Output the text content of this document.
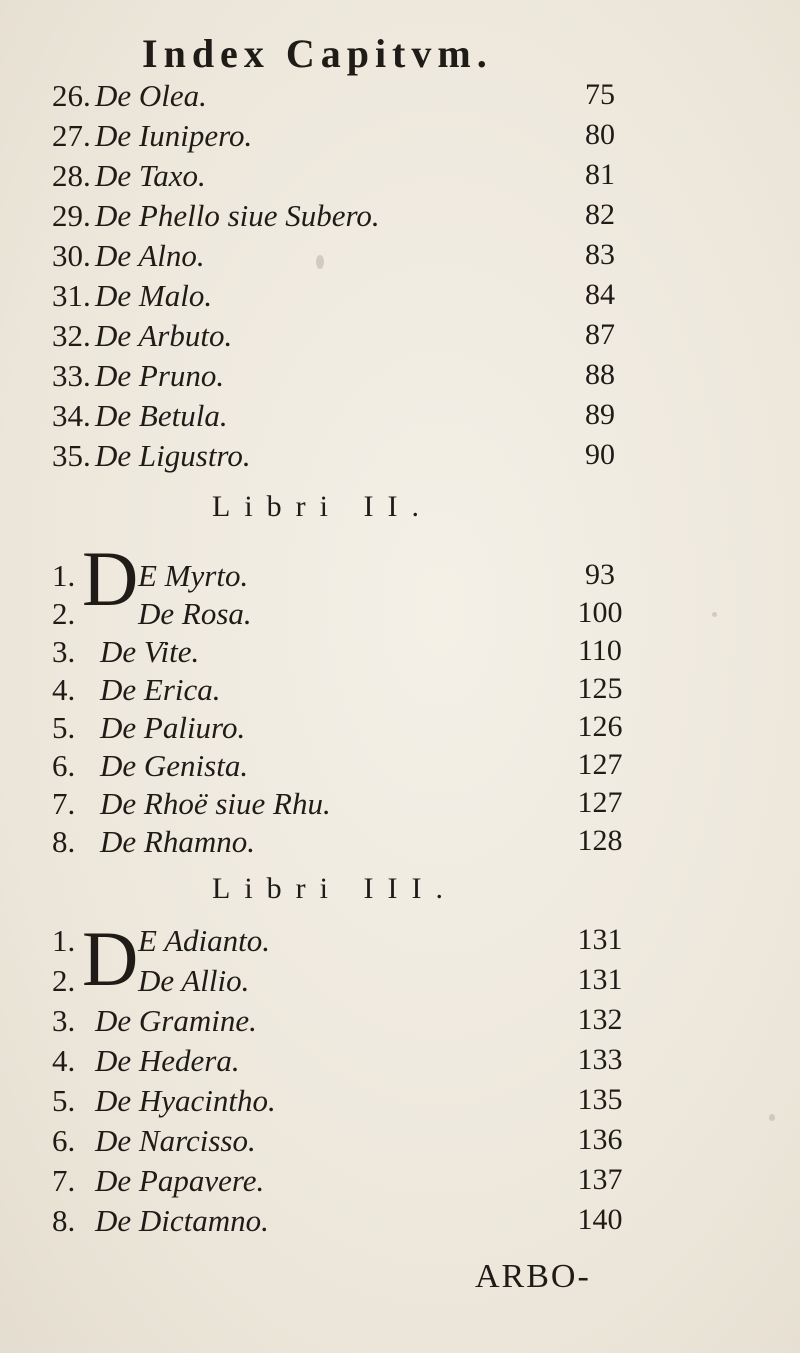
Index Capitvm.
26. De Olea.	75
27. De Iunipero.	80
28. De Taxo.	81
29. De Phello siue Subero.	82
30. De Alno.	83
31. De Malo.	84
32. De Arbuto.	87
33. De Pruno.	88
34. De Betula.	89
35. De Ligustro.	90
Libri II.
D
1. E Myrto.	93
2. De Rosa.	100
3. De Vite.	110
4. De Erica.	125
5. De Paliuro.	126
6. De Genista.	127
7. De Rhoë siue Rhu.	127
8. De Rhamno.	128
Libri III.
D
1. E Adianto.	131
2. De Allio.	131
3. De Gramine.	132
4. De Hedera.	133
5. De Hyacintho.	135
6. De Narcisso.	136
7. De Papavere.	137
8. De Dictamno.	140
ARBO-
